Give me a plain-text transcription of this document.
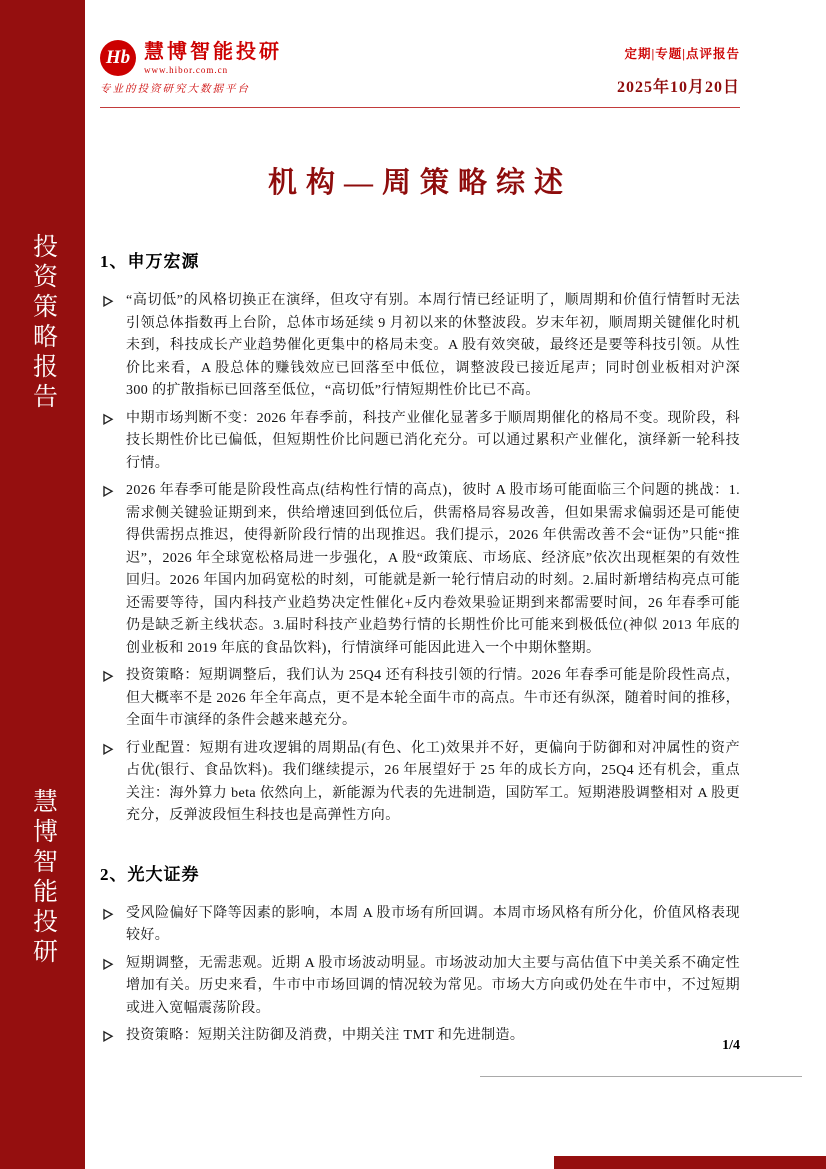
投资策略报告
慧博智能投研
Hb 慧博智能投研
www.hibor.com.cn
专业的投资研究大数据平台
定期|专题|点评报告
2025年10月20日
机构—周策略综述
1、申万宏源
“高切低”的风格切换正在演绎，但攻守有别。本周行情已经证明了，顺周期和价值行情暂时无法引领总体指数再上台阶，总体市场延续 9 月初以来的休整波段。岁末年初，顺周期关键催化时机未到，科技成长产业趋势催化更集中的格局未变。A 股有效突破，最终还是要等科技引领。从性价比来看，A 股总体的赚钱效应已回落至中低位，调整波段已接近尾声；同时创业板相对沪深 300 的扩散指标已回落至低位，“高切低”行情短期性价比已不高。
中期市场判断不变：2026 年春季前，科技产业催化显著多于顺周期催化的格局不变。现阶段，科技长期性价比已偏低，但短期性价比问题已消化充分。可以通过累积产业催化，演绎新一轮科技行情。
2026 年春季可能是阶段性高点(结构性行情的高点)，彼时 A 股市场可能面临三个问题的挑战：1.需求侧关键验证期到来，供给增速回到低位后，供需格局容易改善，但如果需求偏弱还是可能使得供需拐点推迟，使得新阶段行情的出现推迟。我们提示，2026 年供需改善不会“证伪”只能“推迟”，2026 年全球宽松格局进一步强化，A 股“政策底、市场底、经济底”依次出现框架的有效性回归。2026 年国内加码宽松的时刻，可能就是新一轮行情启动的时刻。2.届时新增结构亮点可能还需要等待，国内科技产业趋势决定性催化+反内卷效果验证期到来都需要时间，26 年春季可能仍是缺乏新主线状态。3.届时科技产业趋势行情的长期性价比可能来到极低位(神似 2013 年底的创业板和 2019 年底的食品饮料)，行情演绎可能因此进入一个中期休整期。
投资策略：短期调整后，我们认为 25Q4 还有科技引领的行情。2026 年春季可能是阶段性高点，但大概率不是 2026 年全年高点，更不是本轮全面牛市的高点。牛市还有纵深，随着时间的推移，全面牛市演绎的条件会越来越充分。
行业配置：短期有进攻逻辑的周期品(有色、化工)效果并不好，更偏向于防御和对冲属性的资产占优(银行、食品饮料)。我们继续提示，26 年展望好于 25 年的成长方向，25Q4 还有机会，重点关注：海外算力 beta 依然向上，新能源为代表的先进制造，国防军工。短期港股调整相对 A 股更充分，反弹波段恒生科技也是高弹性方向。
2、光大证券
受风险偏好下降等因素的影响，本周 A 股市场有所回调。本周市场风格有所分化，价值风格表现较好。
短期调整，无需悲观。近期 A 股市场波动明显。市场波动加大主要与高估值下中美关系不确定性增加有关。历史来看，牛市中市场回调的情况较为常见。市场大方向或仍处在牛市中，不过短期或进入宽幅震荡阶段。
投资策略：短期关注防御及消费，中期关注 TMT 和先进制造。
1/4
